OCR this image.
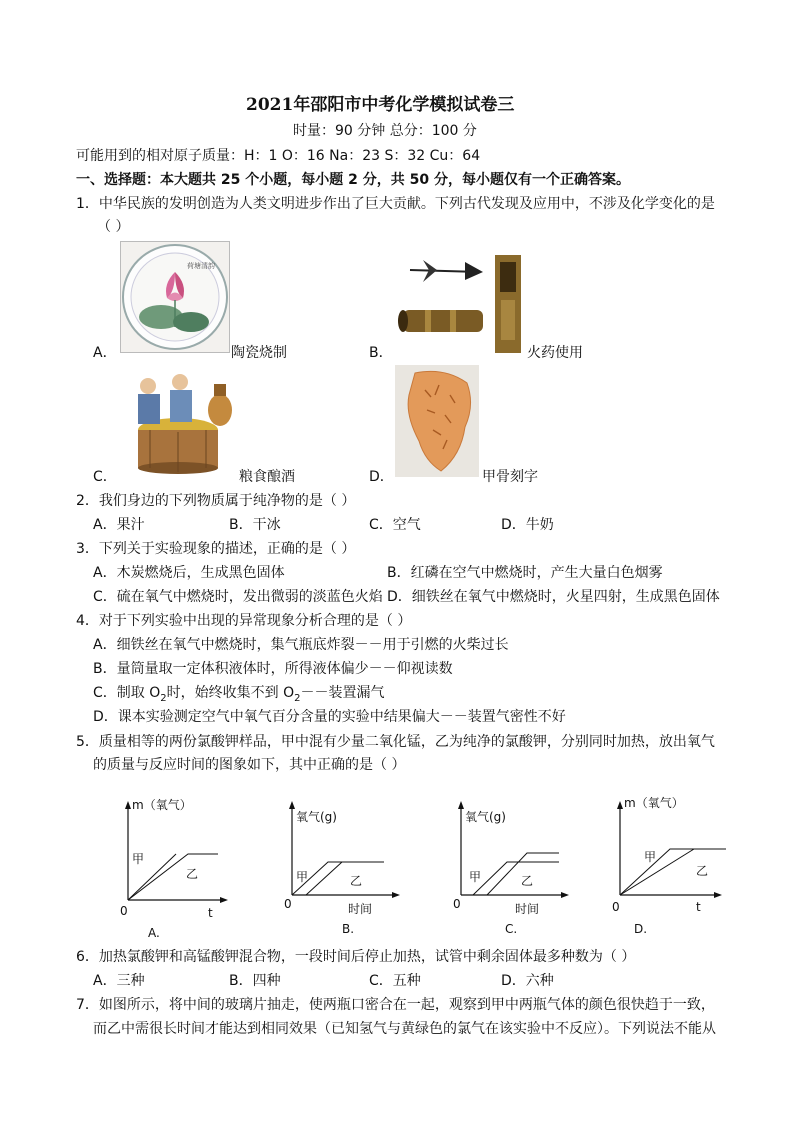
2021年邵阳市中考化学模拟试卷三
时量：90 分钟 总分：100 分
可能用到的相对原子质量：H：1 O：16 Na：23 S：32 Cu：64
一、选择题：本大题共 25 个小题，每小题 2 分，共 50 分，每小题仅有一个正确答案。
1．中华民族的发明创造为人类文明进步作出了巨大贡献。下列古代发现及应用中，不涉及化学变化的是
（ ）
A．
荷塘清韵
陶瓷烧制	B．	火药使用
C．	粮食酿酒	D．	甲骨刻字
2．我们身边的下列物质属于纯净物的是（ ）
A．果汁	B．干冰	C．空气	D．牛奶
3．下列关于实验现象的描述，正确的是（ ）
A．木炭燃烧后，生成黑色固体	B．红磷在空气中燃烧时，产生大量白色烟雾
C．硫在氧气中燃烧时，发出微弱的淡蓝色火焰 D．细铁丝在氧气中燃烧时，火星四射，生成黑色固体
4．对于下列实验中出现的异常现象分析合理的是（ ）
A．细铁丝在氧气中燃烧时，集气瓶底炸裂－－用于引燃的火柴过长
B．量筒量取一定体积液体时，所得液体偏少－－仰视读数
C．制取 $O_2$时，始终收集不到 $O_2--$装置漏气
D．课本实验测定空气中氧气百分含量的实验中结果偏大－－装置气密性不好
5．质量相等的两份氯酸钾样品，甲中混有少量二氧化锰，乙为纯净的氯酸钾，分别同时加热，放出氧气
的质量与反应时间的图象如下，其中正确的是（ ）
m（氧气）
0	t
甲
乙
A.
氧气(g)
0	时间
甲	乙
B.
氧气(g)
0	时间
甲	乙
C.
m（氧气）
0	t
甲
乙
D.
6．加热氯酸钾和高锰酸钾混合物，一段时间后停止加热，试管中剩余固体最多种数为（ ）
A．三种	B．四种	C．五种	D．六种
7．如图所示，将中间的玻璃片抽走，使两瓶口密合在一起，观察到甲中两瓶气体的颜色很快趋于一致，
而乙中需很长时间才能达到相同效果（已知氢气与黄绿色的氯气在该实验中不反应）。下列说法不能从
